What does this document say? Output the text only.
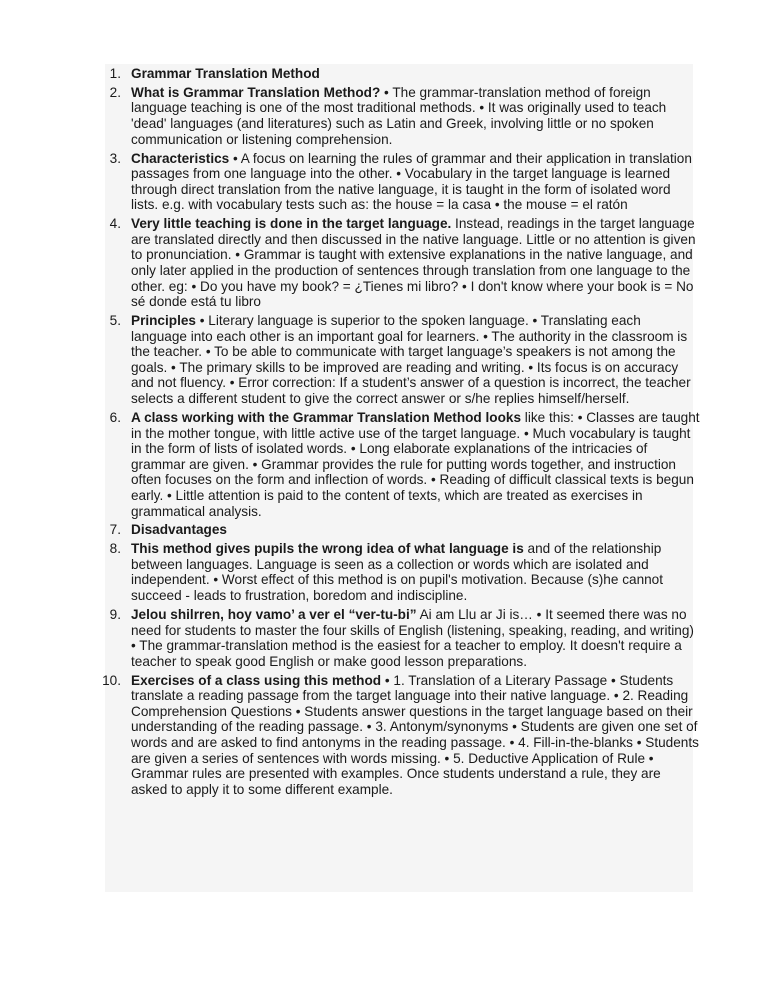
1. Grammar Translation Method
2. What is Grammar Translation Method? • The grammar-translation method of foreign language teaching is one of the most traditional methods. • It was originally used to teach 'dead' languages (and literatures) such as Latin and Greek, involving little or no spoken communication or listening comprehension.
3. Characteristics • A focus on learning the rules of grammar and their application in translation passages from one language into the other. • Vocabulary in the target language is learned through direct translation from the native language, it is taught in the form of isolated word lists. e.g. with vocabulary tests such as: the house = la casa • the mouse = el ratón
4. Very little teaching is done in the target language. Instead, readings in the target language are translated directly and then discussed in the native language. Little or no attention is given to pronunciation. • Grammar is taught with extensive explanations in the native language, and only later applied in the production of sentences through translation from one language to the other. eg: • Do you have my book? = ¿Tienes mi libro? • I don't know where your book is = No sé donde está tu libro
5. Principles • Literary language is superior to the spoken language. • Translating each language into each other is an important goal for learners. • The authority in the classroom is the teacher. • To be able to communicate with target language’s speakers is not among the goals. • The primary skills to be improved are reading and writing. • Its focus is on accuracy and not fluency. • Error correction: If a student’s answer of a question is incorrect, the teacher selects a different student to give the correct answer or s/he replies himself/herself.
6. A class working with the Grammar Translation Method looks like this: • Classes are taught in the mother tongue, with little active use of the target language. • Much vocabulary is taught in the form of lists of isolated words. • Long elaborate explanations of the intricacies of grammar are given. • Grammar provides the rule for putting words together, and instruction often focuses on the form and inflection of words. • Reading of difficult classical texts is begun early. • Little attention is paid to the content of texts, which are treated as exercises in grammatical analysis.
7. Disadvantages
8. This method gives pupils the wrong idea of what language is and of the relationship between languages. Language is seen as a collection or words which are isolated and independent. • Worst effect of this method is on pupil's motivation. Because (s)he cannot succeed - leads to frustration, boredom and indiscipline.
9. Jelou shilrren, hoy vamo’ a ver el “ver-tu-bi” Ai am Llu ar Ji is… • It seemed there was no need for students to master the four skills of English (listening, speaking, reading, and writing) • The grammar-translation method is the easiest for a teacher to employ. It doesn't require a teacher to speak good English or make good lesson preparations.
10. Exercises of a class using this method • 1. Translation of a Literary Passage • Students translate a reading passage from the target language into their native language. • 2. Reading Comprehension Questions • Students answer questions in the target language based on their understanding of the reading passage. • 3. Antonym/synonyms • Students are given one set of words and are asked to find antonyms in the reading passage. • 4. Fill-in-the-blanks • Students are given a series of sentences with words missing. • 5. Deductive Application of Rule • Grammar rules are presented with examples. Once students understand a rule, they are asked to apply it to some different example.
